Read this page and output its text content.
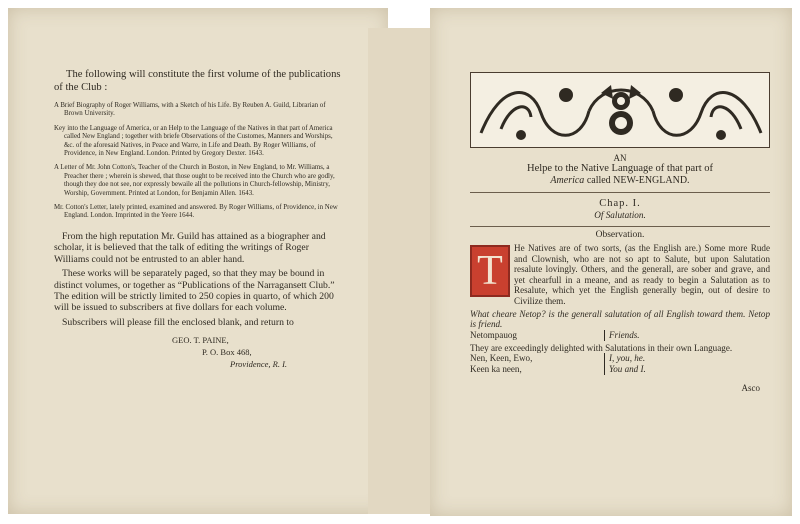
The following will constitute the first volume of the publications of the Club :

A Brief Biography of Roger Williams, with a Sketch of his Life. By Reuben A. Guild, Librarian of Brown University.

Key into the Language of America, or an Help to the Language of the Natives in that part of America called New England ; together with briefe Observations of the Customes, Manners and Worships, &c. of the aforesaid Natives, in Peace and Warre, in Life and Death. By Roger Williams, of Providence, in New England. London. Printed by Gregory Dexter. 1643.

A Letter of Mr. John Cotton's, Teacher of the Church in Boston, in New England, to Mr. Williams, a Preacher there ; wherein is shewed, that those ought to be received into the Church who are godly, though they doe not see, nor expressly bewaile all the pollutions in Church-fellowship, Ministry, Worship, Government. Printed at London, for Benjamin Allen. 1643.

Mr. Cotton's Letter, lately printed, examined and answered. By Roger Williams, of Providence, in New England. London. Imprinted in the Yeere 1644.

From the high reputation Mr. Guild has attained as a biographer and scholar, it is believed that the talk of editing the writings of Roger Williams could not be entrusted to an abler hand.

These works will be separately paged, so that they may be bound in distinct volumes, or together as “Publications of the Narragansett Club.” The edition will be strictly limited to 250 copies in quarto, of which 200 will be issued to subscribers at five dollars for each volume.

Subscribers will please fill the enclosed blank, and return to

GEO. T. PAINE,

P. O. Box 468,

Providence, R. I.

AN
Helpe to the Native Language of that part of
America called NEW-ENGLAND.
Chap. I.
Of Salutation.
Observation.
T	He Natives are of two sorts, (as the English are.) Some more Rude and Clownish, who are not so apt to Salute, but upon Salutation resalute lovingly. Others, and the generall, are sober and grave, and yet chearfull in a meane, and as ready to begin a Salutation as to Resalute, which yet the English generally begin, out of desire to Civilize them.

What cheare Netop? is the generall salutation of all English toward them. Netop is friend.

Netompauog	Friends.

They are exceedingly delighted with Salutations in their own Language.

Nen, Keen, Ewo,	I, you, he.
Keen ka neen,	You and I.
Asco
